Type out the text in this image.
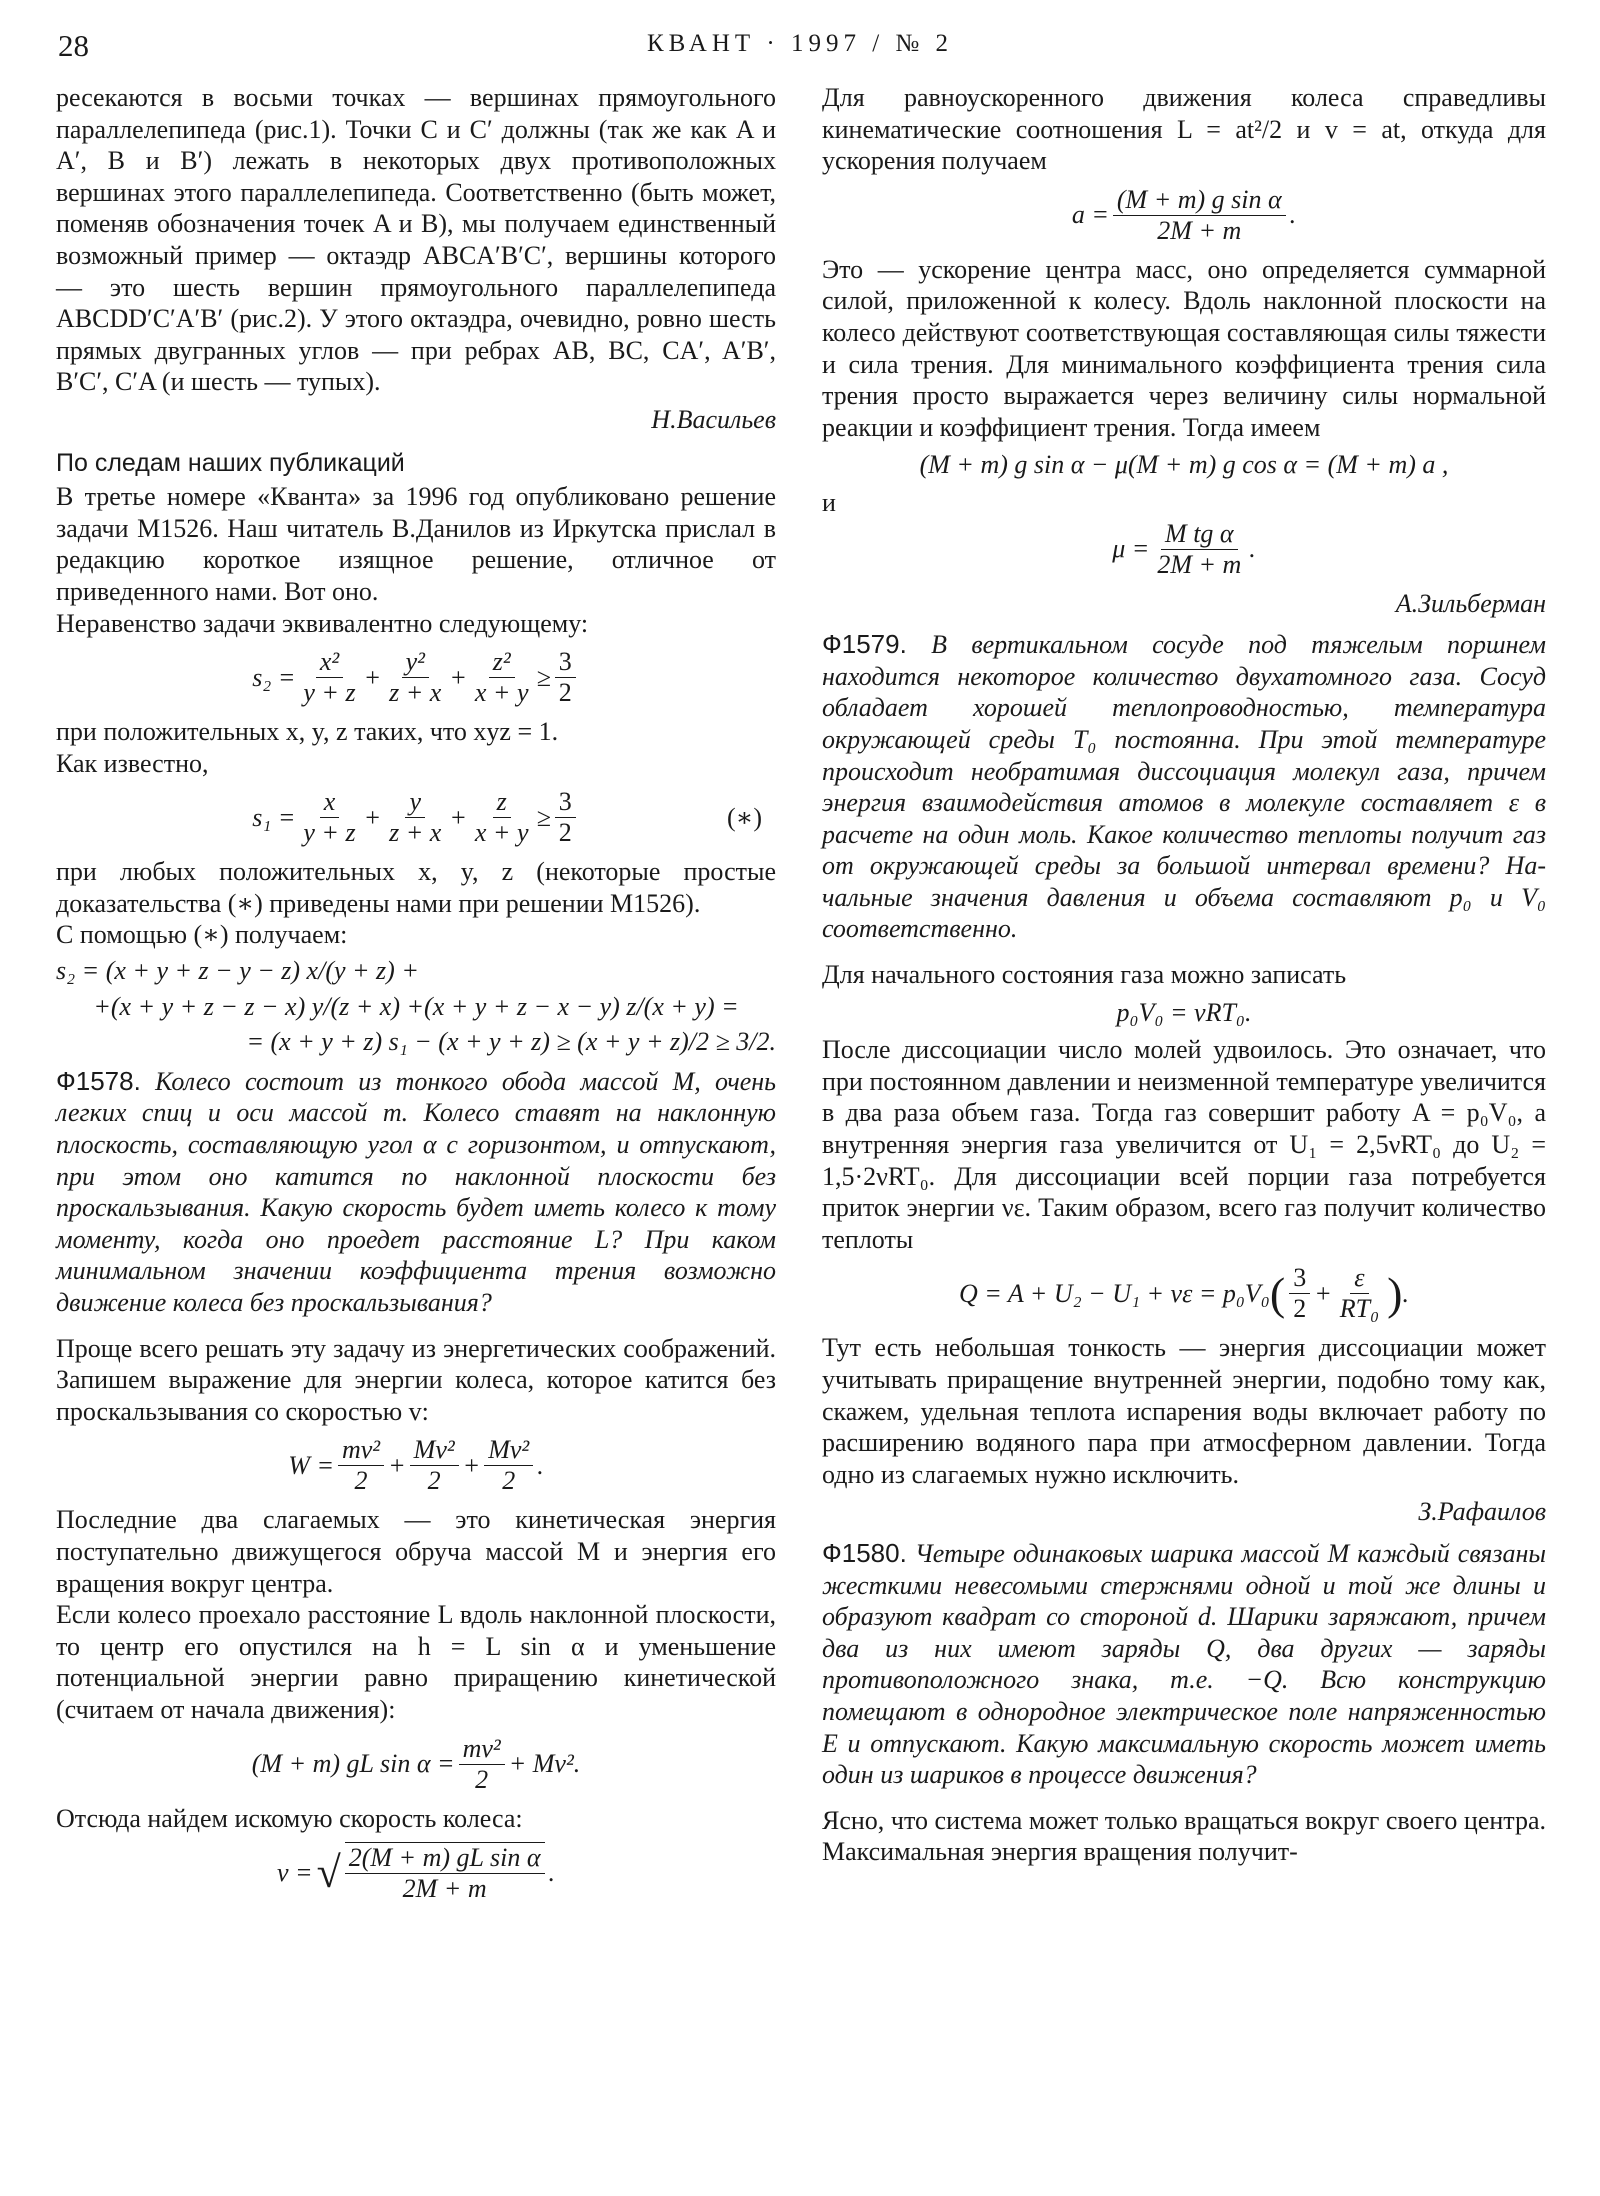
28	КВАНТ · 1997 / № 2

ресекаются в восьми точках — вершинах прямоугольного параллелепипеда (рис.1). Точки C и C′ должны (так же как A и A′, B и B′) лежать в некоторых двух противоположных вершинах этого параллелепипеда. Соответственно (быть может, поменяв обозначения точек A и B), мы получаем единственный возможный пример — октаэдр ABCA′B′C′, вершины которого — это шесть вершин прямоугольного параллелепипеда ABCDD′C′A′B′ (рис.2). У этого октаэдра, очевидно, ровно шесть прямых двугранных углов — при ребрах AB, BC, CA′, A′B′, B′C′, C′A (и шесть — тупых).

Н.Васильев
По следам наших публикаций

В третье номере «Кванта» за 1996 год опубликовано решение задачи М1526. Наш читатель В.Данилов из Иркутска прислал в редакцию короткое изящное решение, отличное от приведенного нами. Вот оно.

Неравенство задачи эквивалентно следующему:

$s_2 = \frac{\text{x²}}{y + z} + \frac{\text{y²}}{z + x} + \frac{\text{z²}}{x + y} \ge \frac{3}{2}$

при положительных x, y, z таких, что xyz = 1.

Как известно,

$s_1 = \frac{x}{y + z} + \frac{y}{z + x} + \frac{z}{x + y} \ge \frac{3}{2}$	(∗)

при любых положительных x, y, z (некоторые простые доказательства (∗) приведены нами при решении М1526).

С помощью (∗) получаем:

s₂ = (x + y + z − y − z) x/(y + z) +
+(x + y + z − z − x) y/(z + x) +(x + y + z − x − y) z/(x + y) =
= (x + y + z) s₁ − (x + y + z) ≥ (x + y + z)/2 ≥ 3/2.

Ф1578. Колесо состоит из тонкого обода массой M, очень легких спиц и оси массой m. Колесо ставят на наклонную плоскость, составляющую угол α с горизонтом, и отпускают, при этом оно катится по наклонной плоскости без проскальзывания. Какую скорость будет иметь колесо к тому моменту, когда оно проедет расстояние L? При каком минимальном значении коэффициента трения возможно движение колеса без проскальзывания?

Проще всего решать эту задачу из энергетических соображений. Запишем выражение для энергии колеса, которое катится без проскальзывания со скоростью v:

$W = \frac{\text{mv²}}{2} + \frac{\text{Mv²}}{2} + \frac{\text{Mv²}}{2}$ .

Последние два слагаемых — это кинетическая энергия поступательно движущегося обруча массой M и энергия его вращения вокруг центра.

Если колесо проехало расстояние L вдоль наклонной плоскости, то центр его опустился на h = L sin α и уменьшение потенциальной энергии равно приращению кинетической (считаем от начала движения):

(M + m) gL $\sin \alpha = \frac{\text{mv²}}{2} + Mv^2$.

Отсюда найдем искомую скорость колеса:

v = √ $\frac{\text{2(M + m) gL sin α}}{2M + m}$ .

Для равноускоренного движения колеса справедливы кинематические соотношения L = at²/2 и v = at, откуда для ускорения получаем

$a = \frac{\text{(M + m) g sin α}}{2M + m}$ .

Это — ускорение центра масс, оно определяется суммарной силой, приложенной к колесу. Вдоль наклонной плоскости на колесо действуют соответствующая составляющая силы тяжести и сила трения. Для минимального коэффициента трения сила трения просто выражается через величину силы нормальной реакции и коэффициент трения. Тогда имеем

(M + m) g sin α − μ(M + m) g cos α = (M + m) a ,
и
$\mu = \frac{\text{M tg α}}{2M + m}$ .
А.Зильберман

Ф1579. В вертикальном сосуде под тяжелым поршнем находится некоторое количество двухатомного газа. Сосуд обладает хорошей теплопроводностью, температура окружающей среды T₀ постоянна. При этой температуре происходит необратимая диссоциация молекул газа, причем энергия взаимодействия атомов в молекуле составляет ε в расчете на один моль. Какое количество теплоты получит газ от окружающей среды за большой интервал времени? Начальные значения давления и объема составляют p₀ и V₀ соответственно.

Для начального состояния газа можно записать

p₀V₀ = νRT₀.

После диссоциации число молей удвоилось. Это означает, что при постоянном давлении и неизменной температуре увеличится в два раза объем газа. Тогда газ совершит работу A = p₀V₀, а внутренняя энергия газа увеличится от U₁ = 2,5νRT₀ до U₂ = 1,5·2νRT₀. Для диссоциации всей порции газа потребуется приток энергии νε. Таким образом, всего газ получит количество теплоты

Q = A + U₂ − U₁ + νε = p₀V₀ ( $\frac{3}{2} + \frac{\varepsilon}{\text{RT₀}}$ ) .

Тут есть небольшая тонкость — энергия диссоциации может учитывать приращение внутренней энергии, подобно тому как, скажем, удельная теплота испарения воды включает работу по расширению водяного пара при атмосферном давлении. Тогда одно из слагаемых нужно исключить.

З.Рафаилов

Ф1580. Четыре одинаковых шарика массой M каждый связаны жесткими невесомыми стержнями одной и той же длины и образуют квадрат со стороной d. Шарики заряжают, причем два из них имеют заряды Q, два других — заряды противоположного знака, т.е. −Q. Всю конструкцию помещают в однородное электрическое поле напряженностью E и отпускают. Какую максимальную скорость может иметь один из шариков в процессе движения?

Ясно, что система может только вращаться вокруг своего центра. Максимальная энергия вращения получит-
